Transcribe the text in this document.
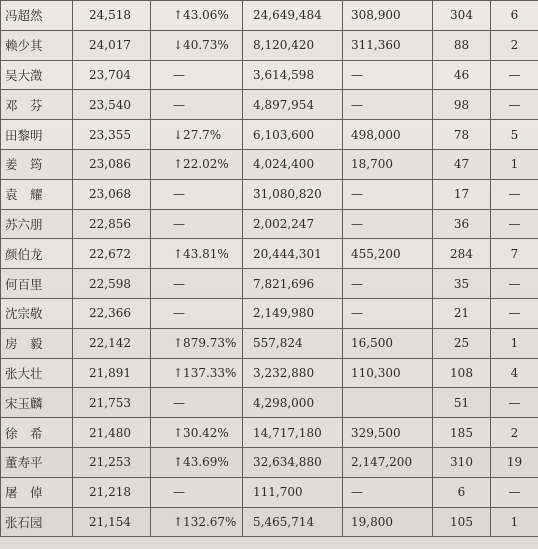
冯超然	24,518	↑43.06%	24,649,484	308,900	304	6
赖少其	24,017	↓40.73%	8,120,420	311,360	88	2
吴大澂	23,704	—	3,614,598	—	46	—
邓　芬	23,540	—	4,897,954	—	98	—
田黎明	23,355	↓27.7%	6,103,600	498,000	78	5
姜　筠	23,086	↑22.02%	4,024,400	18,700	47	1
袁　耀	23,068	—	31,080,820	—	17	—
苏六朋	22,856	—	2,002,247	—	36	—
颜伯龙	22,672	↑43.81%	20,444,301	455,200	284	7
何百里	22,598	—	7,821,696	—	35	—
沈宗敬	22,366	—	2,149,980	—	21	—
房　毅	22,142	↑879.73%	557,824	16,500	25	1
张大壮	21,891	↑137.33%	3,232,880	110,300	108	4
宋玉麟	21,753	—	4,298,000		51	—
徐　希	21,480	↑30.42%	14,717,180	329,500	185	2
董寿平	21,253	↑43.69%	32,634,880	2,147,200	310	19
屠　倬	21,218	—	111,700	—	6	—
张石园	21,154	↑132.67%	5,465,714	19,800	105	1
